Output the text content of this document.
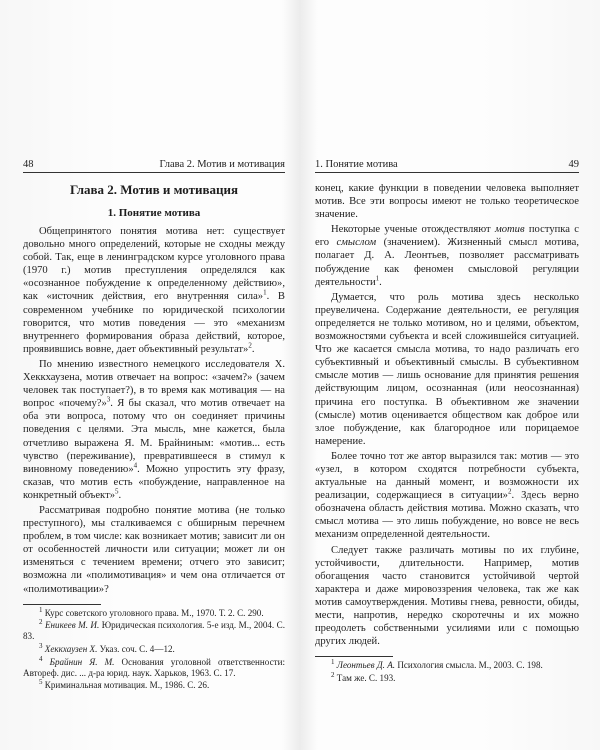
48	Глава 2. Мотив и мотивация	1. Понятие мотива	49
Глава 2. Мотив и мотивация
1. Понятие мотива

Общепринятого понятия мотива нет: существует довольно много определений, которые не сходны между собой. Так, еще в ленинградском курсе уголовного права (1970 г.) мотив преступления определялся как «осознанное побуждение к определенному действию», как «источник действия, его внутренняя сила»$^1$. В современном учебнике по юридической психологии говорится, что мотив поведения — это «механизм внутреннего формирования образа действий, которое, проявившись вовне, дает объективный результат»$^2$.

По мнению известного немецкого исследователя Х. Хеккхаузена, мотив отвечает на вопрос: «зачем?» (зачем человек так поступает?), в то время как мотивация — на вопрос «почему?»$^3$. Я бы сказал, что мотив отвечает на оба эти вопроса, потому что он соединяет причины поведения с целями. Эта мысль, мне кажется, была отчетливо выражена Я. М. Брайниным: «мотив... есть чувство (переживание), превратившееся в стимул к виновному поведению»$^4$. Можно упростить эту фразу, сказав, что мотив есть «побуждение, направленное на конкретный объект»$^5$.

Рассматривая подробно понятие мотива (не только преступного), мы сталкиваемся с обширным перечнем проблем, в том числе: как возникает мотив; зависит ли он от особенностей личности или ситуации; может ли он изменяться с течением времени; отчего это зависит; возможна ли «полимотивация» и чем она отличается от «полимотивации»?

$^1$ Курс советского уголовного права. М., 1970. Т. 2. С. 290.

$^2$ Еникеев М. И. Юридическая психология. 5-е изд. М., 2004. С. 83.

$^3$ Хеккхаузен Х. Указ. соч. С. 4—12.

$^4$ Брайнин Я. М. Основания уголовной ответственности: Автореф. дис. ... д-ра юрид. наук. Харьков, 1963. С. 17.

$^5$ Криминальная мотивация. М., 1986. С. 26.

конец, какие функции в поведении человека выполняет мотив. Все эти вопросы имеют не только теоретическое значение.

Некоторые ученые отождествляют мотив поступка с его смыслом (значением). Жизненный смысл мотива, полагает Д. А. Леонтьев, позволяет рассматривать побуждение как феномен смысловой регуляции деятельности$^1$.

Думается, что роль мотива здесь несколько преувеличена. Содержание деятельности, ее регуляция определяется не только мотивом, но и целями, объектом, возможностями субъекта и всей сложившейся ситуацией. Что же касается смысла мотива, то надо различать его субъективный и объективный смыслы. В субъективном смысле мотив — лишь основание для принятия решения действующим лицом, осознанная (или неосознанная) причина его поступка. В объективном же значении (смысле) мотив оценивается обществом как доброе или злое побуждение, как благородное или порицаемое намерение.

Более точно тот же автор выразился так: мотив — это «узел, в котором сходятся потребности субъекта, актуальные на данный момент, и возможности их реализации, содержащиеся в ситуации»$^2$. Здесь верно обозначена область действия мотива. Можно сказать, что смысл мотива — это лишь побуждение, но вовсе не весь механизм определенной деятельности.

Следует также различать мотивы по их глубине, устойчивости, длительности. Например, мотив обогащения часто становится устойчивой чертой характера и даже мировоззрения человека, так же как мотив самоутверждения. Мотивы гнева, ревности, обиды, мести, напротив, нередко скоротечны и их можно преодолеть собственными усилиями или с помощью других людей.

$^1$ Леонтьев Д. А. Психология смысла. М., 2003. С. 198.

$^2$ Там же. С. 193.
